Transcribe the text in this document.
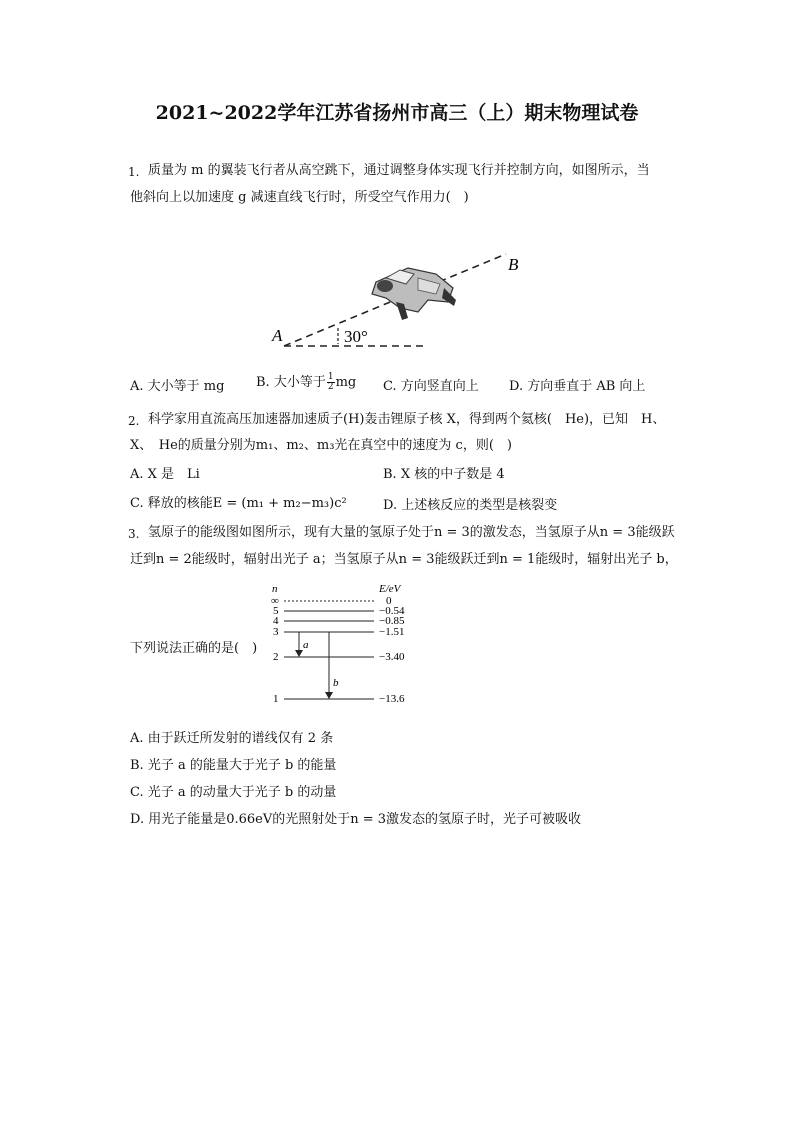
2021~2022学年江苏省扬州市高三（上）期末物理试卷
1. 质量为 m 的翼装飞行者从高空跳下，通过调整身体实现飞行并控制方向，如图所示，当
他斜向上以加速度 g 减速直线飞行时，所受空气作用力(　)
A
B
30°
A. 大小等于 mg B. 大小等于 $\frac{1}{2}$ mg C. 方向竖直向上 D. 方向垂直于 AB 向上
2. 科学家用直流高压加速器加速质子(H)轰击锂原子核 X，得到两个氦核(　He)，已知　H、
X、　He的质量分别为m₁、m₂、m₃光在真空中的速度为 c，则(　)
A. X 是　Li	B. X 核的中子数是 4
C. 释放的核能E = (m₁ + m₂−m₃)c²	D. 上述核反应的类型是核裂变
3. 氢原子的能级图如图所示，现有大量的氢原子处于n = 3的激发态，当氢原子从n = 3能级跃
迁到n = 2能级时，辐射出光子 a；当氢原子从n = 3能级跃迁到n = 1能级时，辐射出光子 b，
下列说法正确的是(　)
n	E/eV
∞	0
5	−0.54
4	−0.85
3	−1.51
2	−3.40
1	−13.6
a
b
A. 由于跃迁所发射的谱线仅有 2 条
B. 光子 a 的能量大于光子 b 的能量
C. 光子 a 的动量大于光子 b 的动量
D. 用光子能量是0.66eV的光照射处于n = 3激发态的氢原子时，光子可被吸收
